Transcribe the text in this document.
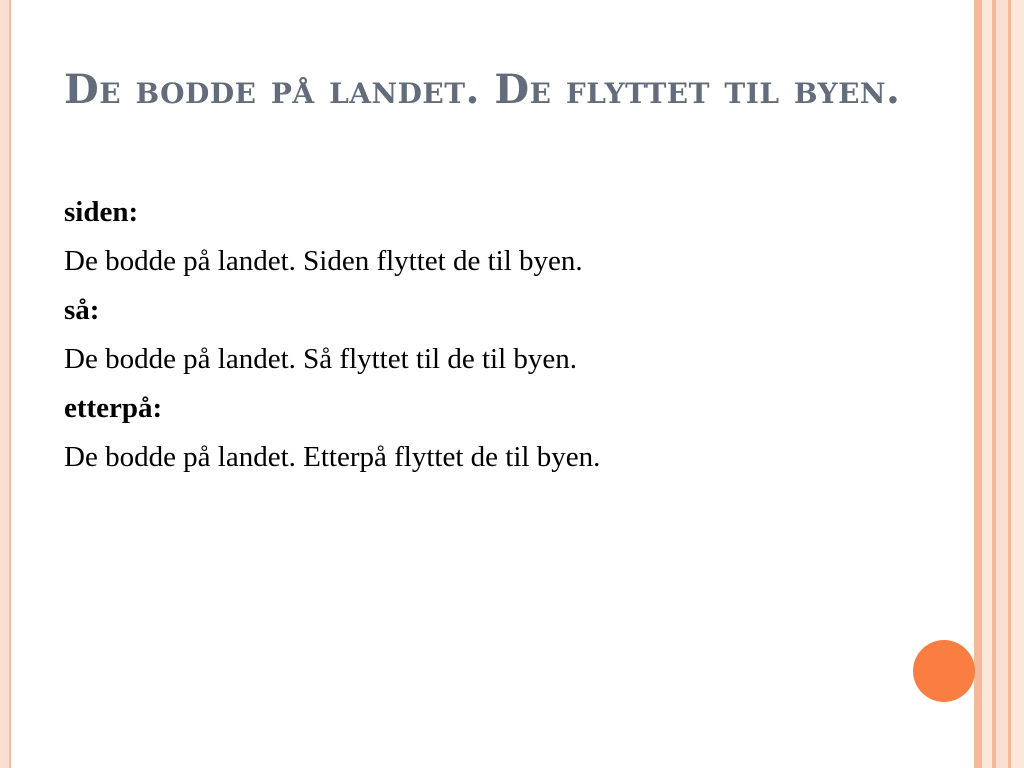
De bodde på landet. De flyttet til byen.

siden:

De bodde på landet. Siden flyttet de til byen.

så:

De bodde på landet. Så flyttet til de til byen.

etterpå:

De bodde på landet. Etterpå flyttet de til byen.
